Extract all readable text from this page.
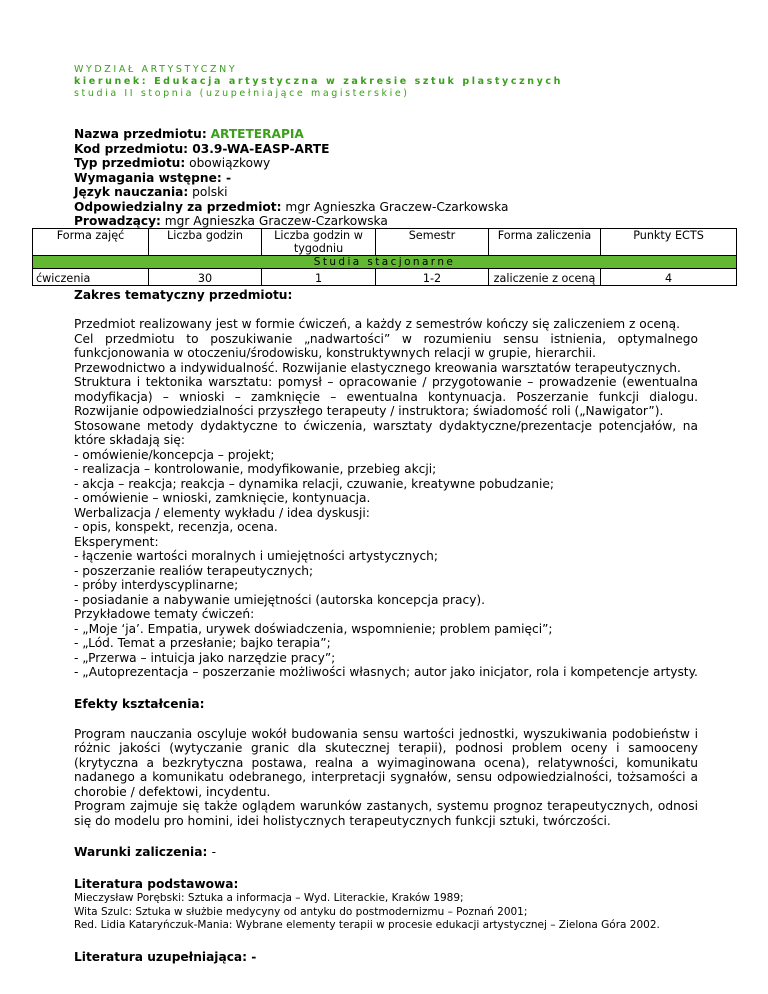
WYDZIAŁ ARTYSTYCZNY
kierunek: Edukacja artystyczna w zakresie sztuk plastycznych
studia II stopnia (uzupełniające magisterskie)
Nazwa przedmiotu: ARTETERAPIA
Kod przedmiotu: 03.9-WA-EASP-ARTE
Typ przedmiotu: obowiązkowy
Wymagania wstępne: -
Język nauczania: polski
Odpowiedzialny za przedmiot: mgr Agnieszka Graczew-Czarkowska
Prowadzący: mgr Agnieszka Graczew-Czarkowska
Forma zajęć	Liczba godzin	Liczba godzin w tygodniu	Semestr	Forma zaliczenia	Punkty ECTS
Studia stacjonarne					
ćwiczenia	30	1	1-2	zaliczenie z oceną	4
Zakres tematyczny przedmiotu:

Przedmiot realizowany jest w formie ćwiczeń, a każdy z semestrów kończy się zaliczeniem z oceną.

Cel przedmiotu to poszukiwanie „nadwartości” w rozumieniu sensu istnienia, optymalnego funkcjonowania w otoczeniu/środowisku, konstruktywnych relacji w grupie, hierarchii.

Przewodnictwo a indywidualność. Rozwijanie elastycznego kreowania warsztatów terapeutycznych.

Struktura i tektonika warsztatu: pomysł – opracowanie / przygotowanie – prowadzenie (ewentualna modyfikacja) – wnioski – zamknięcie – ewentualna kontynuacja. Poszerzanie funkcji dialogu. Rozwijanie odpowiedzialności przyszłego terapeuty / instruktora; świadomość roli („Nawigator”).

Stosowane metody dydaktyczne to ćwiczenia, warsztaty dydaktyczne/prezentacje potencjałów, na które składają się:

- omówienie/koncepcja – projekt;

- realizacja – kontrolowanie, modyfikowanie, przebieg akcji;

- akcja – reakcja; reakcja – dynamika relacji, czuwanie, kreatywne pobudzanie;

- omówienie – wnioski, zamknięcie, kontynuacja.

Werbalizacja / elementy wykładu / idea dyskusji:

- opis, konspekt, recenzja, ocena.

Eksperyment:

- łączenie wartości moralnych i umiejętności artystycznych;

- poszerzanie realiów terapeutycznych;

- próby interdyscyplinarne;

- posiadanie a nabywanie umiejętności (autorska koncepcja pracy).

Przykładowe tematy ćwiczeń:

- „Moje ‘ja’. Empatia, urywek doświadczenia, wspomnienie; problem pamięci”;

- „Lód. Temat a przesłanie; bajko terapia”;

- „Przerwa – intuicja jako narzędzie pracy”;

- „Autoprezentacja – poszerzanie możliwości własnych; autor jako inicjator, rola i kompetencje artysty.

Efekty kształcenia:

Program nauczania oscyluje wokół budowania sensu wartości jednostki, wyszukiwania podobieństw i różnic jakości (wytyczanie granic dla skutecznej terapii), podnosi problem oceny i samooceny (krytyczna a bezkrytyczna postawa, realna a wyimaginowana ocena), relatywności, komunikatu nadanego a komunikatu odebranego, interpretacji sygnałów, sensu odpowiedzialności, tożsamości a chorobie / defektowi, incydentu.

Program zajmuje się także oglądem warunków zastanych, systemu prognoz terapeutycznych, odnosi się do modelu pro homini, idei holistycznych terapeutycznych funkcji sztuki, twórczości.

Warunki zaliczenia: -
Literatura podstawowa:

Mieczysław Porębski: Sztuka a informacja – Wyd. Literackie, Kraków 1989;

Wita Szulc: Sztuka w służbie medycyny od antyku do postmodernizmu – Poznań 2001;

Red. Lidia Kataryńczuk-Mania: Wybrane elementy terapii w procesie edukacji artystycznej – Zielona Góra 2002.

Literatura uzupełniająca: -
